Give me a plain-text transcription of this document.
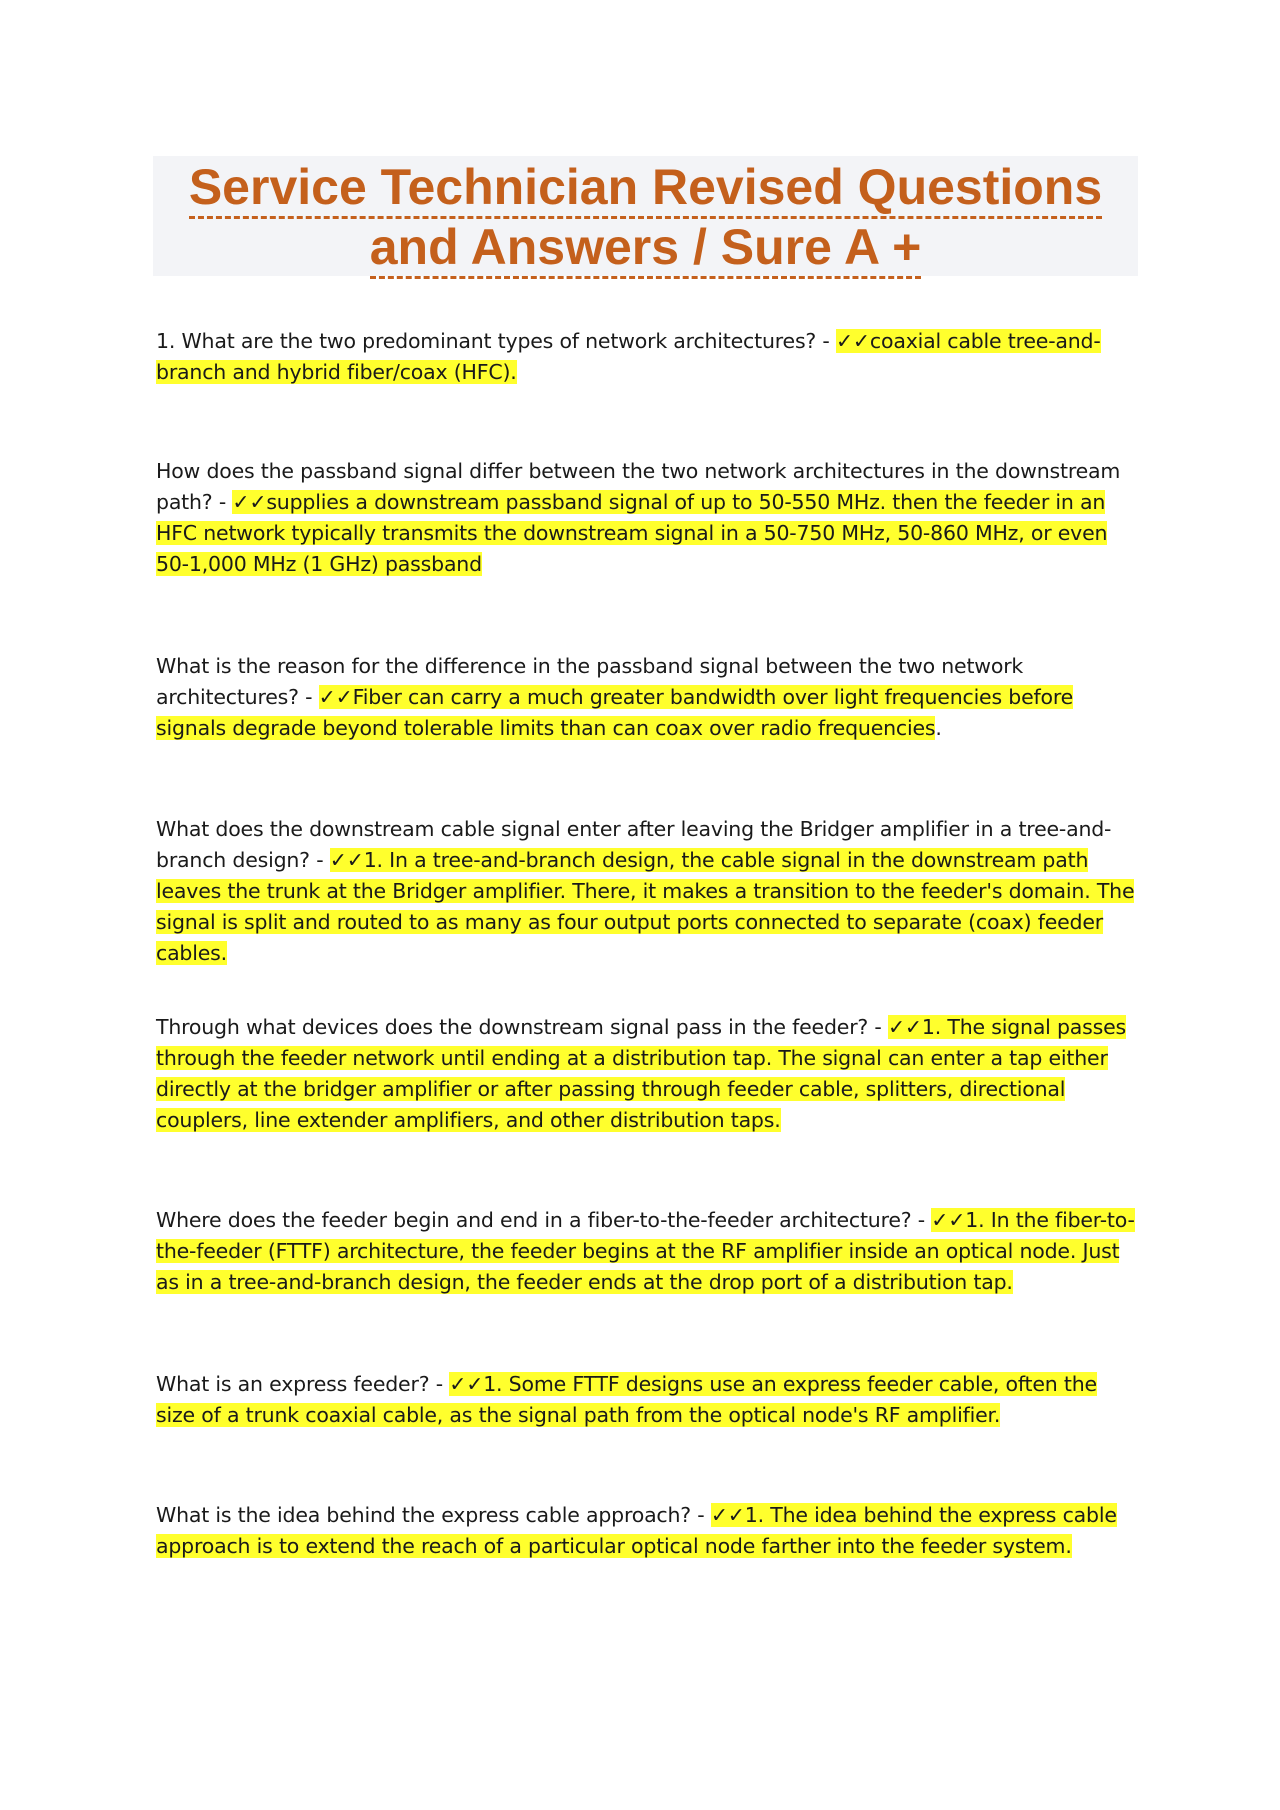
Service Technician Revised Questions
and Answers / Sure A +

1. What are the two predominant types of network architectures? - ✓✓coaxial cable tree-and-branch and hybrid fiber/coax (HFC).

How does the passband signal differ between the two network architectures in the downstream path? - ✓✓supplies a downstream passband signal of up to 50-550 MHz. then the feeder in an HFC network typically transmits the downstream signal in a 50-750 MHz, 50-860 MHz, or even 50-1,000 MHz (1 GHz) passband

What is the reason for the difference in the passband signal between the two network architectures? - ✓✓Fiber can carry a much greater bandwidth over light frequencies before signals degrade beyond tolerable limits than can coax over radio frequencies.

What does the downstream cable signal enter after leaving the Bridger amplifier in a tree-and-branch design? - ✓✓1. In a tree-and-branch design, the cable signal in the downstream path leaves the trunk at the Bridger amplifier. There, it makes a transition to the feeder's domain. The signal is split and routed to as many as four output ports connected to separate (coax) feeder cables.

Through what devices does the downstream signal pass in the feeder? - ✓✓1. The signal passes through the feeder network until ending at a distribution tap. The signal can enter a tap either directly at the bridger amplifier or after passing through feeder cable, splitters, directional couplers, line extender amplifiers, and other distribution taps.

Where does the feeder begin and end in a fiber-to-the-feeder architecture? - ✓✓1. In the fiber-to-the-feeder (FTTF) architecture, the feeder begins at the RF amplifier inside an optical node. Just as in a tree-and-branch design, the feeder ends at the drop port of a distribution tap.

What is an express feeder? - ✓✓1. Some FTTF designs use an express feeder cable, often the size of a trunk coaxial cable, as the signal path from the optical node's RF amplifier.

What is the idea behind the express cable approach? - ✓✓1. The idea behind the express cable approach is to extend the reach of a particular optical node farther into the feeder system.
